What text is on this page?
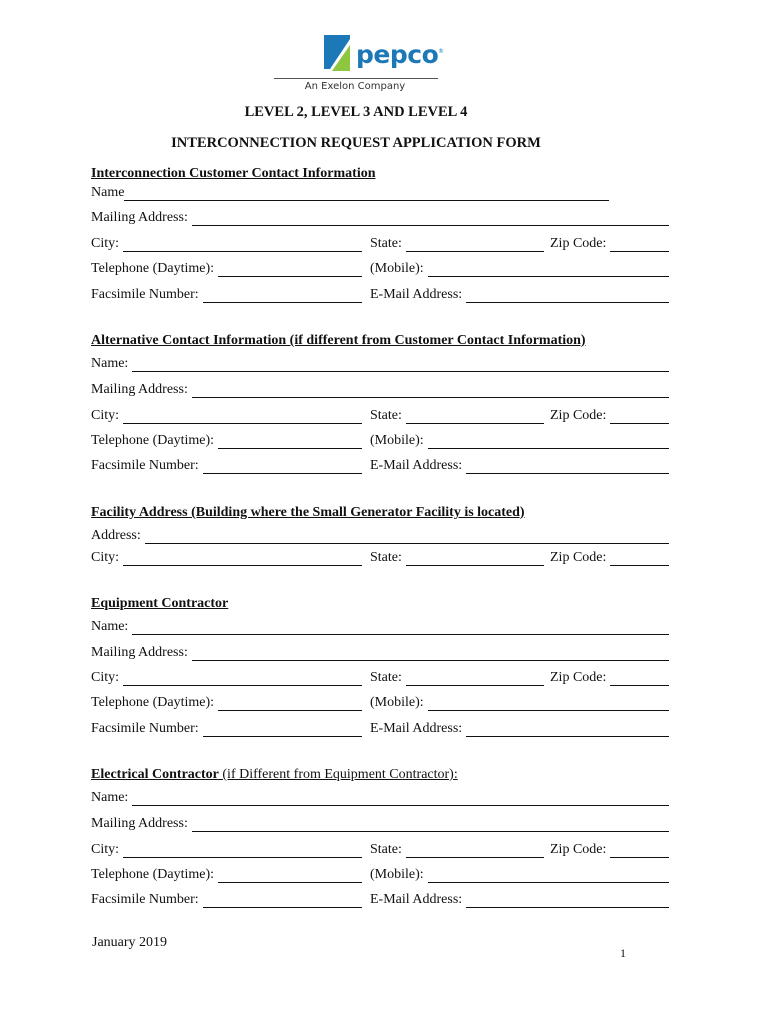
pepco ®
An Exelon Company
LEVEL 2, LEVEL 3 AND LEVEL 4
INTERCONNECTION REQUEST APPLICATION FORM
Interconnection Customer Contact Information
Name
Mailing Address:
City:	State:	Zip Code:
Telephone (Daytime):	(Mobile):
Facsimile Number:	E-Mail Address:
Alternative Contact Information (if different from Customer Contact Information)
Name:
Mailing Address:
City:	State:	Zip Code:
Telephone (Daytime):	(Mobile):
Facsimile Number:	E-Mail Address:
Facility Address (Building where the Small Generator Facility is located)
Address:
City:	State:	Zip Code:
Equipment Contractor
Name:
Mailing Address:
City:	State:	Zip Code:
Telephone (Daytime):	(Mobile):
Facsimile Number:	E-Mail Address:
Electrical Contractor (if Different from Equipment Contractor):
Name:
Mailing Address:
City:	State:	Zip Code:
Telephone (Daytime):	(Mobile):
Facsimile Number:	E-Mail Address:
January 2019
1
